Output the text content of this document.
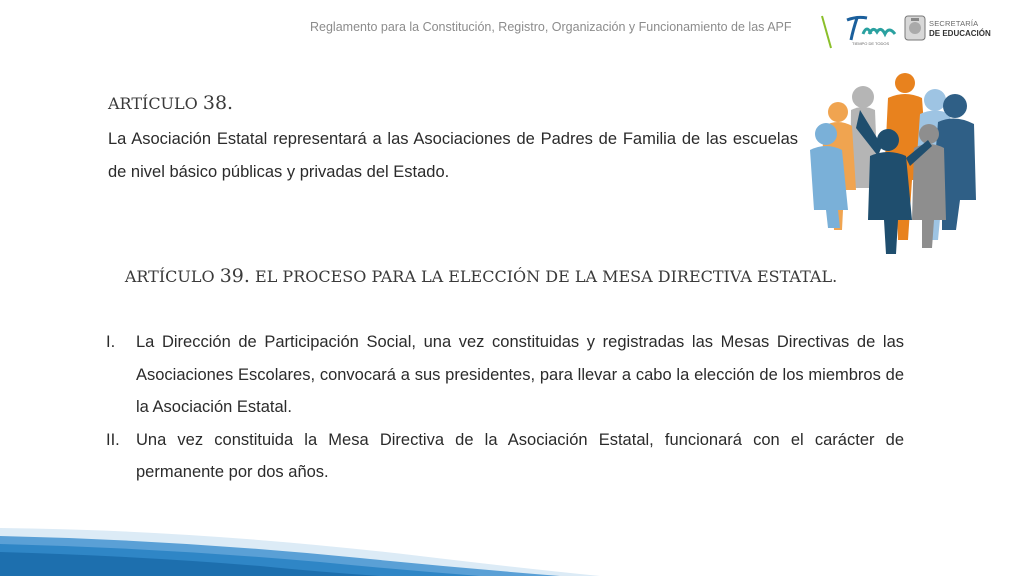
Reglamento para la Constitución, Registro, Organización y Funcionamiento de las APF
TIEMPO DE TODOS
Tam
SECRETARÍA
DE EDUCACIÓN
ARTÍCULO 38.
La Asociación Estatal representará a las Asociaciones de Padres de Familia de las escuelas de nivel básico públicas y privadas del Estado.
ARTÍCULO 39. EL PROCESO PARA LA ELECCIÓN DE LA MESA DIRECTIVA ESTATAL.
I. La Dirección de Participación Social, una vez constituidas y registradas las Mesas Directivas de las Asociaciones Escolares, convocará a sus presidentes, para llevar a cabo la elección de los miembros de la Asociación Estatal.
II. Una vez constituida la Mesa Directiva de la Asociación Estatal, funcionará con el carácter de permanente por dos años.
